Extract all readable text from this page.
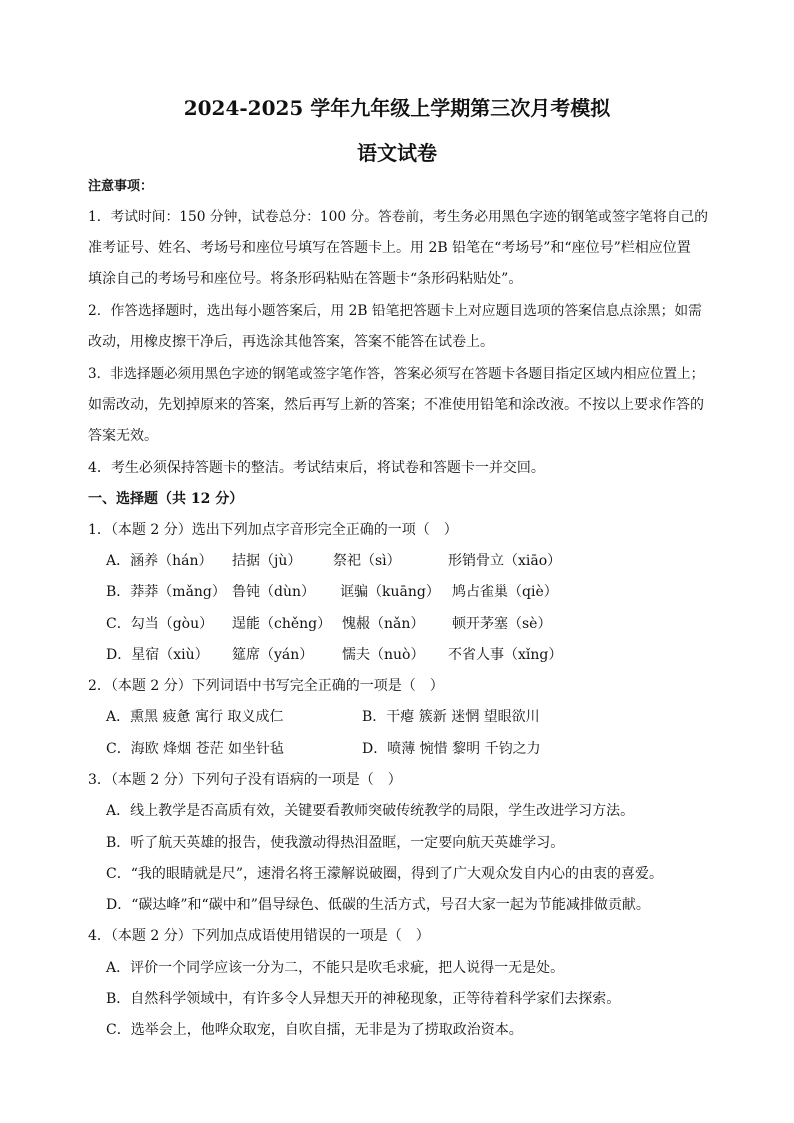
2024-2025 学年九年级上学期第三次月考模拟
语文试卷
注意事项：
1．考试时间：150 分钟，试卷总分：100 分。答卷前，考生务必用黑色字迹的钢笔或签字笔将自己的
准考证号、姓名、考场号和座位号填写在答题卡上。用 2B 铅笔在“考场号”和“座位号”栏相应位置
填涂自己的考场号和座位号。将条形码粘贴在答题卡“条形码粘贴处”。
2．作答选择题时，选出每小题答案后，用 2B 铅笔把答题卡上对应题目选项的答案信息点涂黑；如需
改动，用橡皮擦干净后，再选涂其他答案，答案不能答在试卷上。
3．非选择题必须用黑色字迹的钢笔或签字笔作答，答案必须写在答题卡各题目指定区域内相应位置上；
如需改动，先划掉原来的答案，然后再写上新的答案；不准使用铅笔和涂改液。不按以上要求作答的
答案无效。
4．考生必须保持答题卡的整洁。考试结束后，将试卷和答题卡一并交回。
一、选择题（共 12 分）
1．（本题 2 分）选出下列加点字音形完全正确的一项（　）
A．涵养（hán） 拮据（jù） 祭祀（sì）	形销骨立（xiāo）
B．莽莽（mǎng） 鲁钝（dùn） 诓骗（kuāng） 鸠占雀巢（qiè）
C．勾当（gòu） 逞能（chěng） 愧赧（nǎn） 顿开茅塞（sè）
D．星宿（xiù） 筵席（yán） 懦夫（nuò） 不省人事（xǐng）
2．（本题 2 分）下列词语中书写完全正确的一项是（　）
A．熏黑 疲惫 寓行 取义成仁	B．干瘪 簇新 迷惘 望眼欲川
C．海欧 烽烟 苍茫 如坐针毡	D．喷薄 惋惜 黎明 千钧之力
3．（本题 2 分）下列句子没有语病的一项是（　）
A．线上教学是否高质有效，关键要看教师突破传统教学的局限，学生改进学习方法。
B．听了航天英雄的报告，使我激动得热泪盈眶，一定要向航天英雄学习。
C．“我的眼睛就是尺”，速滑名将王濛解说破圈，得到了广大观众发自内心的由衷的喜爱。
D．“碳达峰”和“碳中和”倡导绿色、低碳的生活方式，号召大家一起为节能减排做贡献。
4．（本题 2 分）下列加点成语使用错误的一项是（　）
A．评价一个同学应该一分为二，不能只是吹毛求疵，把人说得一无是处。
B．自然科学领域中，有许多令人异想天开的神秘现象，正等待着科学家们去探索。
C．选举会上，他哗众取宠，自吹自擂，无非是为了捞取政治资本。
